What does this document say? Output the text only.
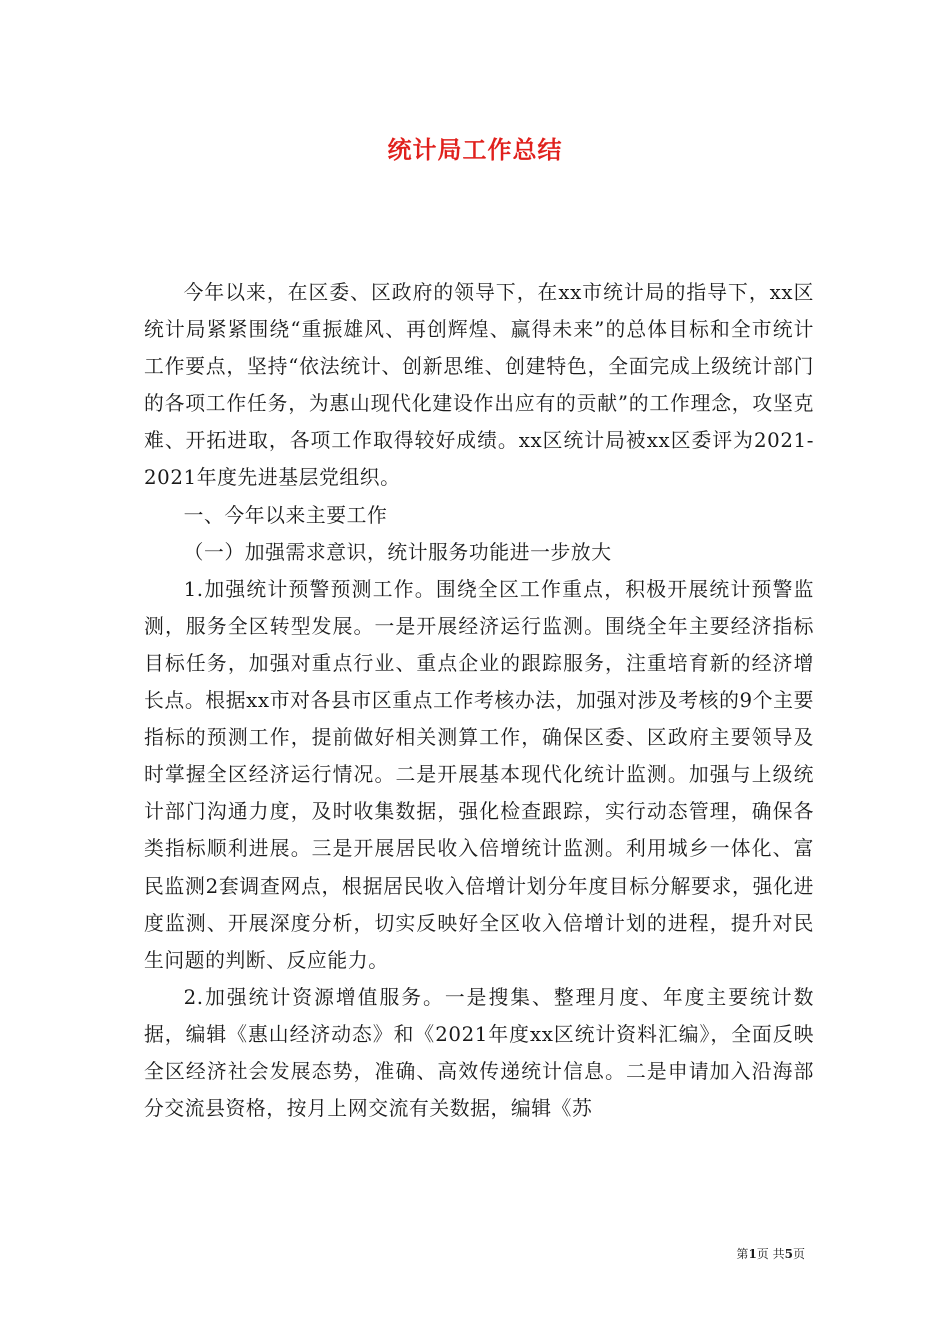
统计局工作总结

今年以来，在区委、区政府的领导下，在xx市统计局的指导下，xx区统计局紧紧围绕“重振雄风、再创辉煌、赢得未来”的总体目标和全市统计工作要点，坚持“依法统计、创新思维、创建特色，全面完成上级统计部门的各项工作任务，为惠山现代化建设作出应有的贡献”的工作理念，攻坚克难、开拓进取，各项工作取得较好成绩。xx区统计局被xx区委评为2021-2021年度先进基层党组织。

一、今年以来主要工作

（一）加强需求意识，统计服务功能进一步放大

1.加强统计预警预测工作。围绕全区工作重点，积极开展统计预警监测，服务全区转型发展。一是开展经济运行监测。围绕全年主要经济指标目标任务，加强对重点行业、重点企业的跟踪服务，注重培育新的经济增长点。根据xx市对各县市区重点工作考核办法，加强对涉及考核的9个主要指标的预测工作，提前做好相关测算工作，确保区委、区政府主要领导及时掌握全区经济运行情况。二是开展基本现代化统计监测。加强与上级统计部门沟通力度，及时收集数据，强化检查跟踪，实行动态管理，确保各类指标顺利进展。三是开展居民收入倍增统计监测。利用城乡一体化、富民监测2套调查网点，根据居民收入倍增计划分年度目标分解要求，强化进度监测、开展深度分析，切实反映好全区收入倍增计划的进程，提升对民生问题的判断、反应能力。

2.加强统计资源增值服务。一是搜集、整理月度、年度主要统计数据，编辑《惠山经济动态》和《2021年度xx区统计资料汇编》，全面反映全区经济社会发展态势，准确、高效传递统计信息。二是申请加入沿海部分交流县资格，按月上网交流有关数据，编辑《苏

第1页 共5页
